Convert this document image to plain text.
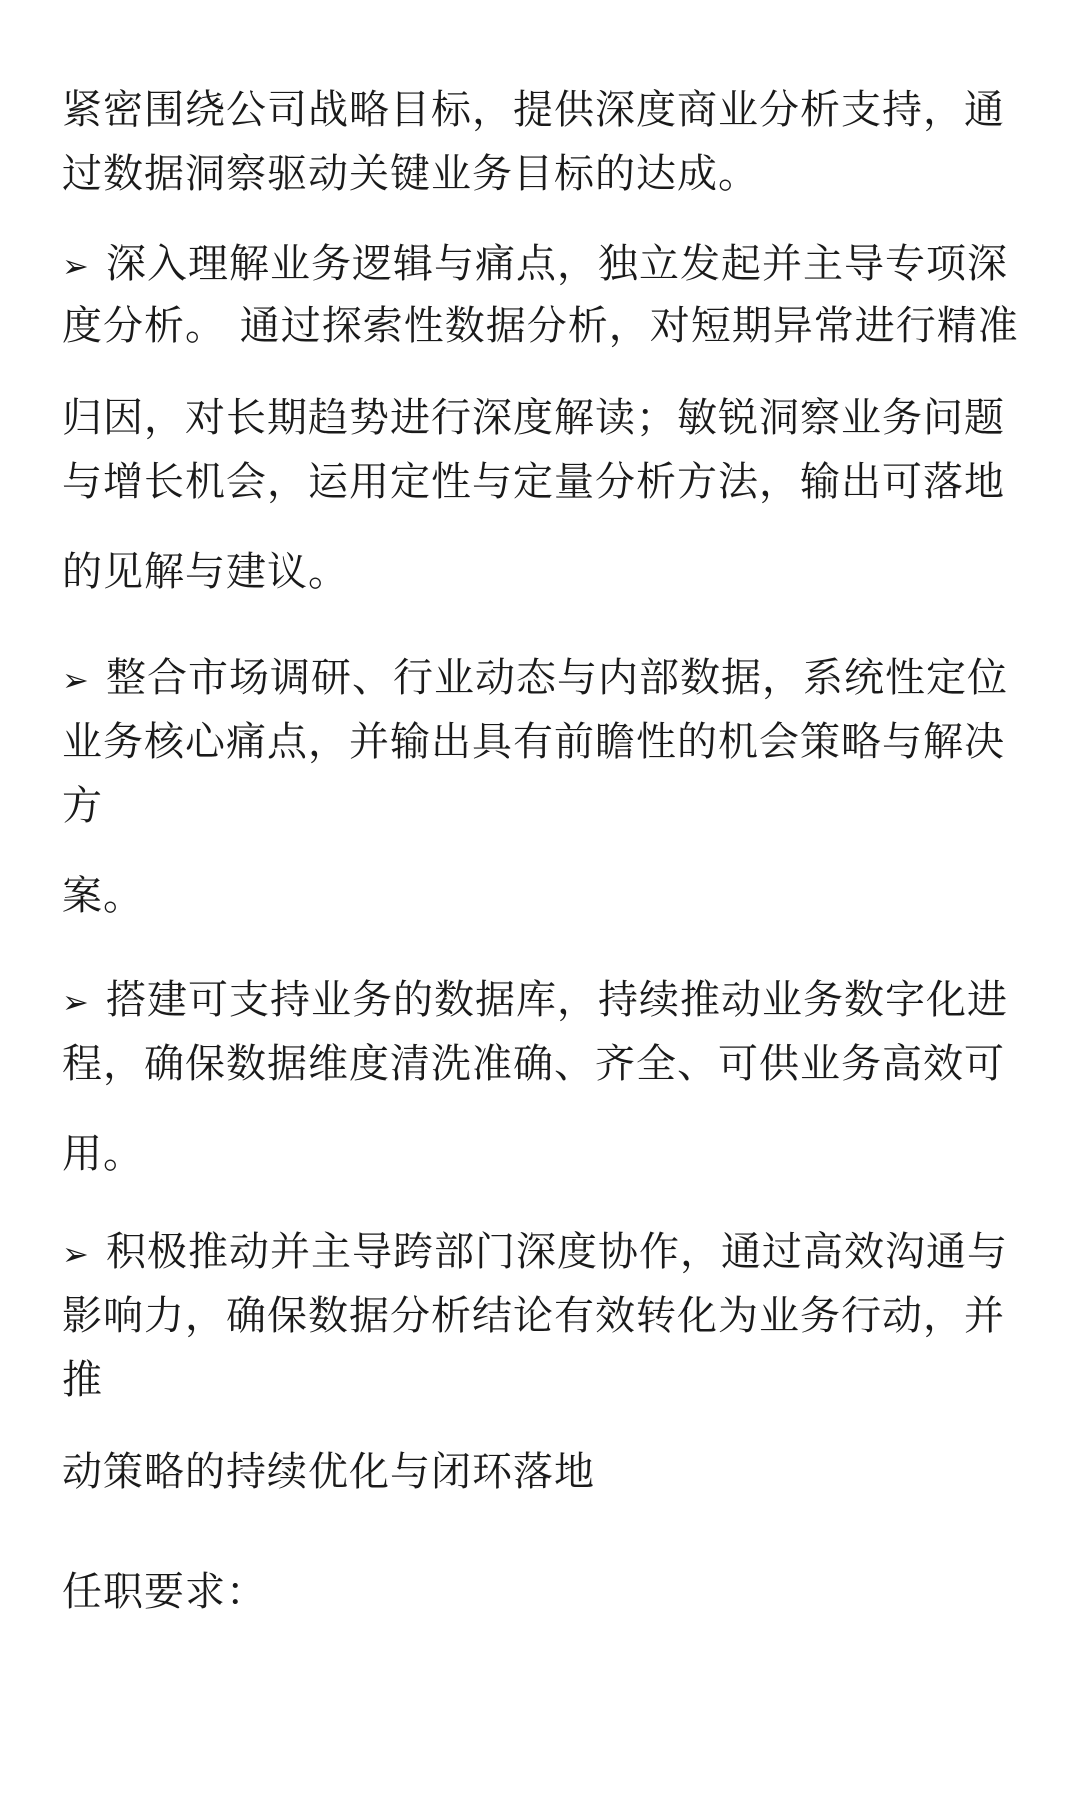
紧密围绕公司战略目标，提供深度商业分析支持，通
过数据洞察驱动关键业务目标的达成。
➢ 深入理解业务逻辑与痛点，独立发起并主导专项深
度分析。 通过探索性数据分析，对短期异常进行精准
归因，对长期趋势进行深度解读；敏锐洞察业务问题
与增长机会，运用定性与定量分析方法，输出可落地
的见解与建议。
➢ 整合市场调研、行业动态与内部数据，系统性定位
业务核心痛点，并输出具有前瞻性的机会策略与解决
方
案。
➢ 搭建可支持业务的数据库，持续推动业务数字化进
程，确保数据维度清洗准确、齐全、可供业务高效可
用。
➢ 积极推动并主导跨部门深度协作，通过高效沟通与
影响力，确保数据分析结论有效转化为业务行动，并
推
动策略的持续优化与闭环落地
任职要求：
